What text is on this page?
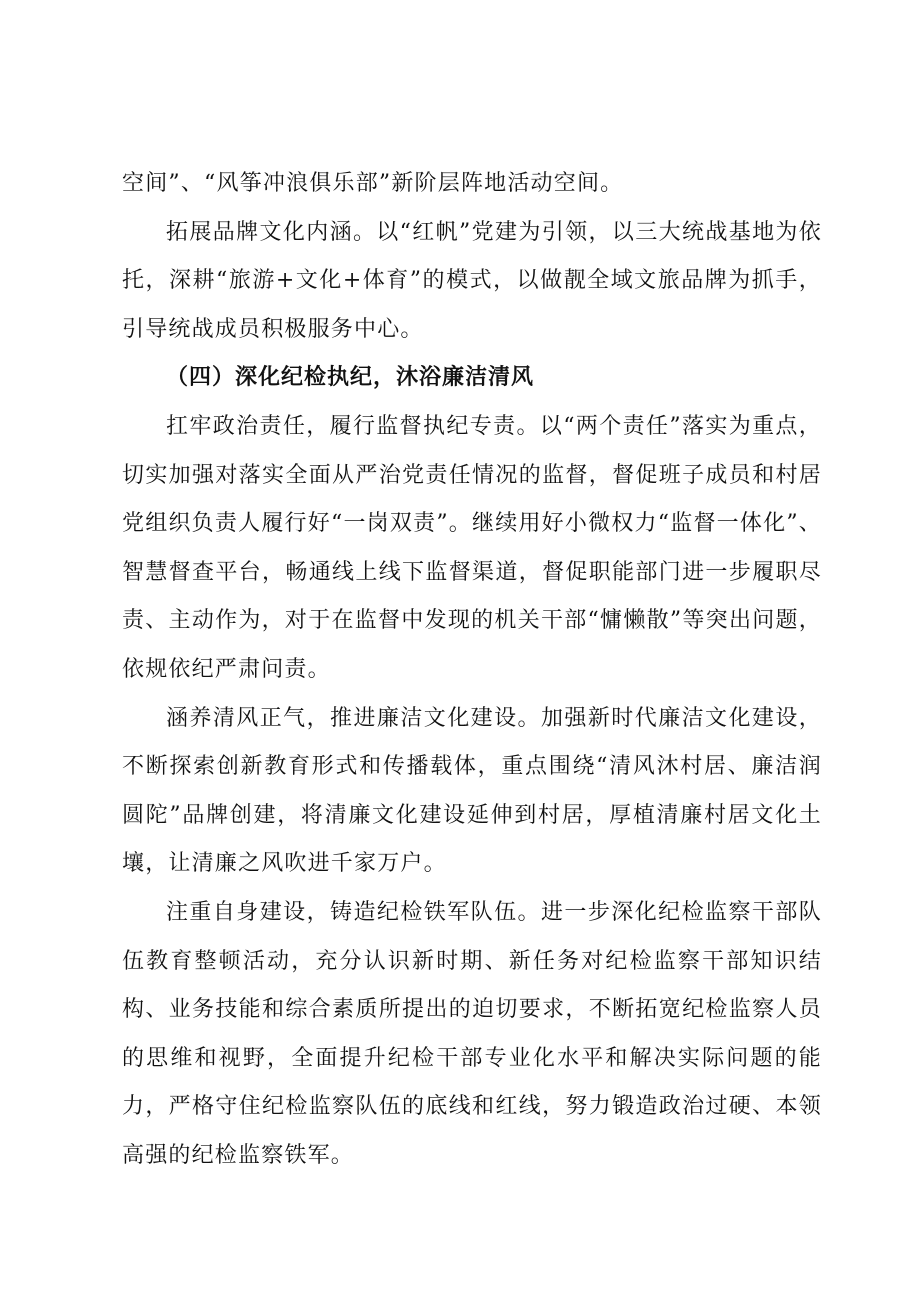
空间”、“风筝冲浪俱乐部”新阶层阵地活动空间。

拓展品牌文化内涵。以“红帆”党建为引领，以三大统战基地为依托，深耕“旅游+文化+体育”的模式，以做靓全域文旅品牌为抓手，引导统战成员积极服务中心。

（四）深化纪检执纪，沐浴廉洁清风

扛牢政治责任，履行监督执纪专责。以“两个责任”落实为重点，切实加强对落实全面从严治党责任情况的监督，督促班子成员和村居党组织负责人履行好“一岗双责”。继续用好小微权力“监督一体化”、智慧督查平台，畅通线上线下监督渠道，督促职能部门进一步履职尽责、主动作为，对于在监督中发现的机关干部“慵懒散”等突出问题，依规依纪严肃问责。

涵养清风正气，推进廉洁文化建设。加强新时代廉洁文化建设，不断探索创新教育形式和传播载体，重点围绕“清风沐村居、廉洁润圆陀”品牌创建，将清廉文化建设延伸到村居，厚植清廉村居文化土壤，让清廉之风吹进千家万户。

注重自身建设，铸造纪检铁军队伍。进一步深化纪检监察干部队伍教育整顿活动，充分认识新时期、新任务对纪检监察干部知识结构、业务技能和综合素质所提出的迫切要求，不断拓宽纪检监察人员的思维和视野，全面提升纪检干部专业化水平和解决实际问题的能力，严格守住纪检监察队伍的底线和红线，努力锻造政治过硬、本领高强的纪检监察铁军。
